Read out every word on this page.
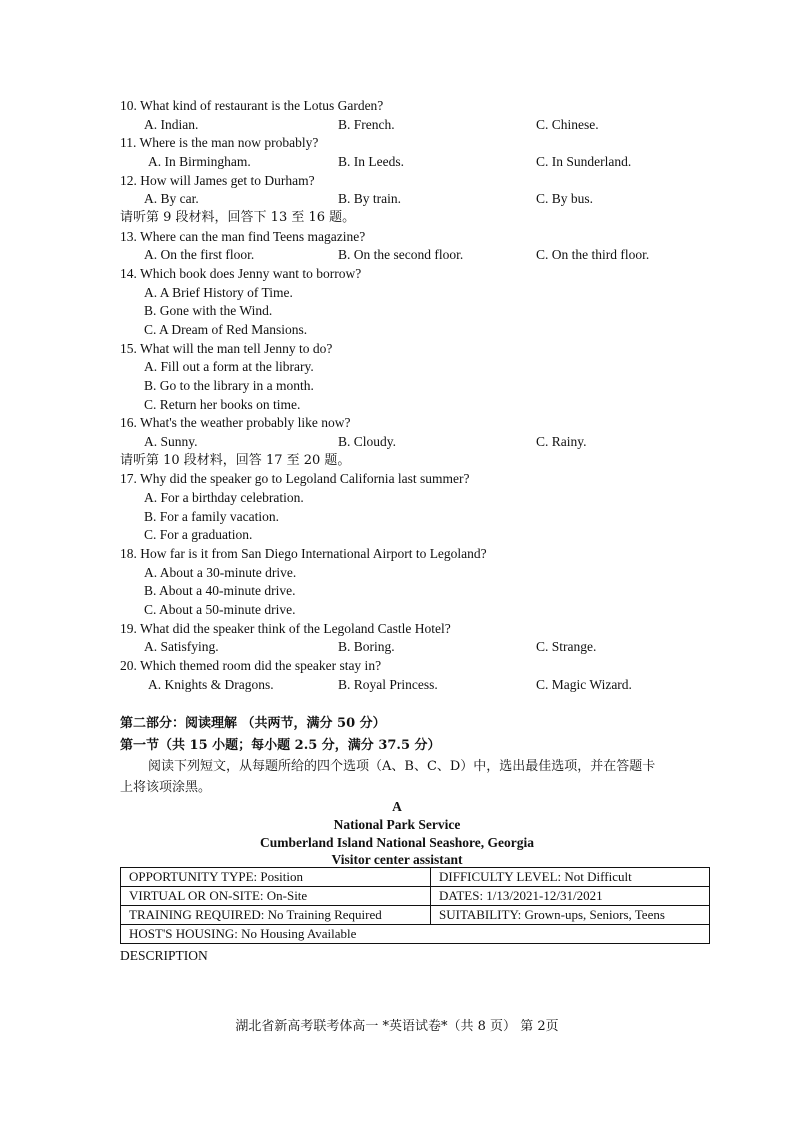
10. What kind of restaurant is the Lotus Garden?
A. Indian.	B. French.	C. Chinese.
11. Where is the man now probably?
A. In Birmingham.	B. In Leeds.	C. In Sunderland.
12. How will James get to Durham?
A. By car.	B. By train.	C. By bus.
请听第 9 段材料，回答下 13 至 16 题。
13. Where can the man find Teens magazine?
A. On the first floor.	B. On the second floor.	C. On the third floor.
14. Which book does Jenny want to borrow?
A. A Brief History of Time.
B. Gone with the Wind.
C. A Dream of Red Mansions.
15. What will the man tell Jenny to do?
A. Fill out a form at the library.
B. Go to the library in a month.
C. Return her books on time.
16. What's the weather probably like now?
A. Sunny.	B. Cloudy.	C. Rainy.
请听第 10 段材料，回答 17 至 20 题。
17. Why did the speaker go to Legoland California last summer?
A. For a birthday celebration.
B. For a family vacation.
C. For a graduation.
18. How far is it from San Diego International Airport to Legoland?
A. About a 30-minute drive.
B. About a 40-minute drive.
C. About a 50-minute drive.
19. What did the speaker think of the Legoland Castle Hotel?
A. Satisfying.	B. Boring.	C. Strange.
20. Which themed room did the speaker stay in?
A. Knights & Dragons.	B. Royal Princess.	C. Magic Wizard.
第二部分：阅读理解 （共两节，满分 50 分）
第一节（共 15 小题；每小题 2.5 分，满分 37.5 分）
阅读下列短文，从每题所给的四个选项（A、B、C、D）中，选出最佳选项，并在答题卡
上将该项涂黑。
A
National Park Service
Cumberland Island National Seashore, Georgia
Visitor center assistant
OPPORTUNITY TYPE: Position	DIFFICULTY LEVEL: Not Difficult
VIRTUAL OR ON-SITE: On-Site	DATES: 1/13/2021-12/31/2021
TRAINING REQUIRED: No Training Required	SUITABILITY: Grown-ups, Seniors, Teens
HOST'S HOUSING: No Housing Available	
DESCRIPTION
湖北省新高考联考体高一 *英语试卷*（共 8 页） 第 2页
